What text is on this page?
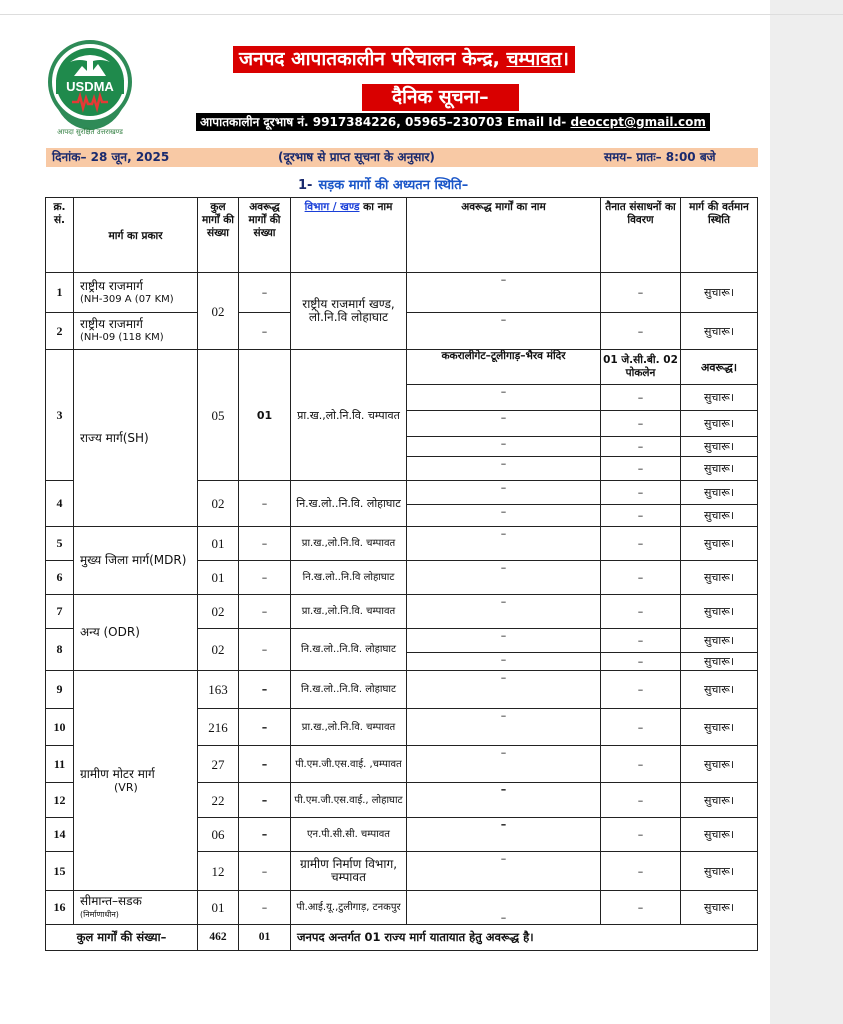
USDMA
आपदा सुरक्षित उत्तराखण्ड
जनपद आपातकालीन परिचालन केन्द्र, चम्पावत।
दैनिक सूचना–
आपातकालीन दूरभाष नं. 9917384226, 05965–230703 Email Id- deoccpt@gmail.com
दिनांक– 28 जून, 2025	(दूरभाष से प्राप्त सूचना के अनुसार)	समय– प्रातः– 8:00 बजे
1- सड़क मार्गो की अध्यतन स्थिति–
क्र. सं.	मार्ग का प्रकार	कुल मार्गों की संख्या	अवरूद्ध मार्गों की संख्या	विभाग / खण्ड का नाम	अवरूद्ध मार्गों का नाम	तैनात संसाधनों का विवरण	मार्ग की वर्तमान स्थिति
1	राष्ट्रीय राजमार्ग
(NH-309 A (07 KM)	02	–	राष्ट्रीय राजमार्ग खण्ड, लो.नि.वि लोहाघाट	–	–	सुचारू।
2	राष्ट्रीय राजमार्ग
(NH-09 (118 KM)		–		–	–	सुचारू।
3	राज्य मार्ग(SH)	05	01	प्रा.ख.,लो.नि.वि. चम्पावत	ककरालीगेट–टूलीगाड़–भैरव मंदिर	01 जे.सी.बी. 02 पोकलेन	अवरूद्ध।
					–	–	सुचारू।
					–	–	सुचारू।
					–	–	सुचारू।
					–	–	सुचारू।
4		02	–	नि.ख.लो..नि.वि. लोहाघाट	–	–	सुचारू।
					–	–	सुचारू।
5	मुख्य जिला मार्ग(MDR)	01	–	प्रा.ख.,लो.नि.वि. चम्पावत	–	–	सुचारू।
6		01	–	नि.ख.लो..नि.वि लोहाघाट	–	–	सुचारू।
7	अन्य (ODR)	02	–	प्रा.ख.,लो.नि.वि. चम्पावत	–	–	सुचारू।
8		02	–	नि.ख.लो..नि.वि. लोहाघाट	–	–	सुचारू।
					–	–	सुचारू।
9	ग्रामीण मोटर मार्ग
(VR)	163	–	नि.ख.लो..नि.वि. लोहाघाट	–	–	सुचारू।
10		216	–	प्रा.ख.,लो.नि.वि. चम्पावत	–	–	सुचारू।
11		27	–	पी.एम.जी.एस.वाई. ,चम्पावत	–	–	सुचारू।
12		22	–	पी.एम.जी.एस.वाई., लोहाघाट	–	–	सुचारू।
14		06	–	एन.पी.सी.सी. चम्पावत	–	–	सुचारू।
15		12	–	ग्रामीण निर्माण विभाग, चम्पावत	–	–	सुचारू।
16	सीमान्त–सडक
(निर्माणाधीन)	01	–	पी.आई.यू.,टुलीगाड़, टनकपुर	–	–	सुचारू।
कुल मार्गों की संख्या–		462	01	जनपद अन्तर्गत 01 राज्य मार्ग यातायात हेतु अवरूद्ध है।			
